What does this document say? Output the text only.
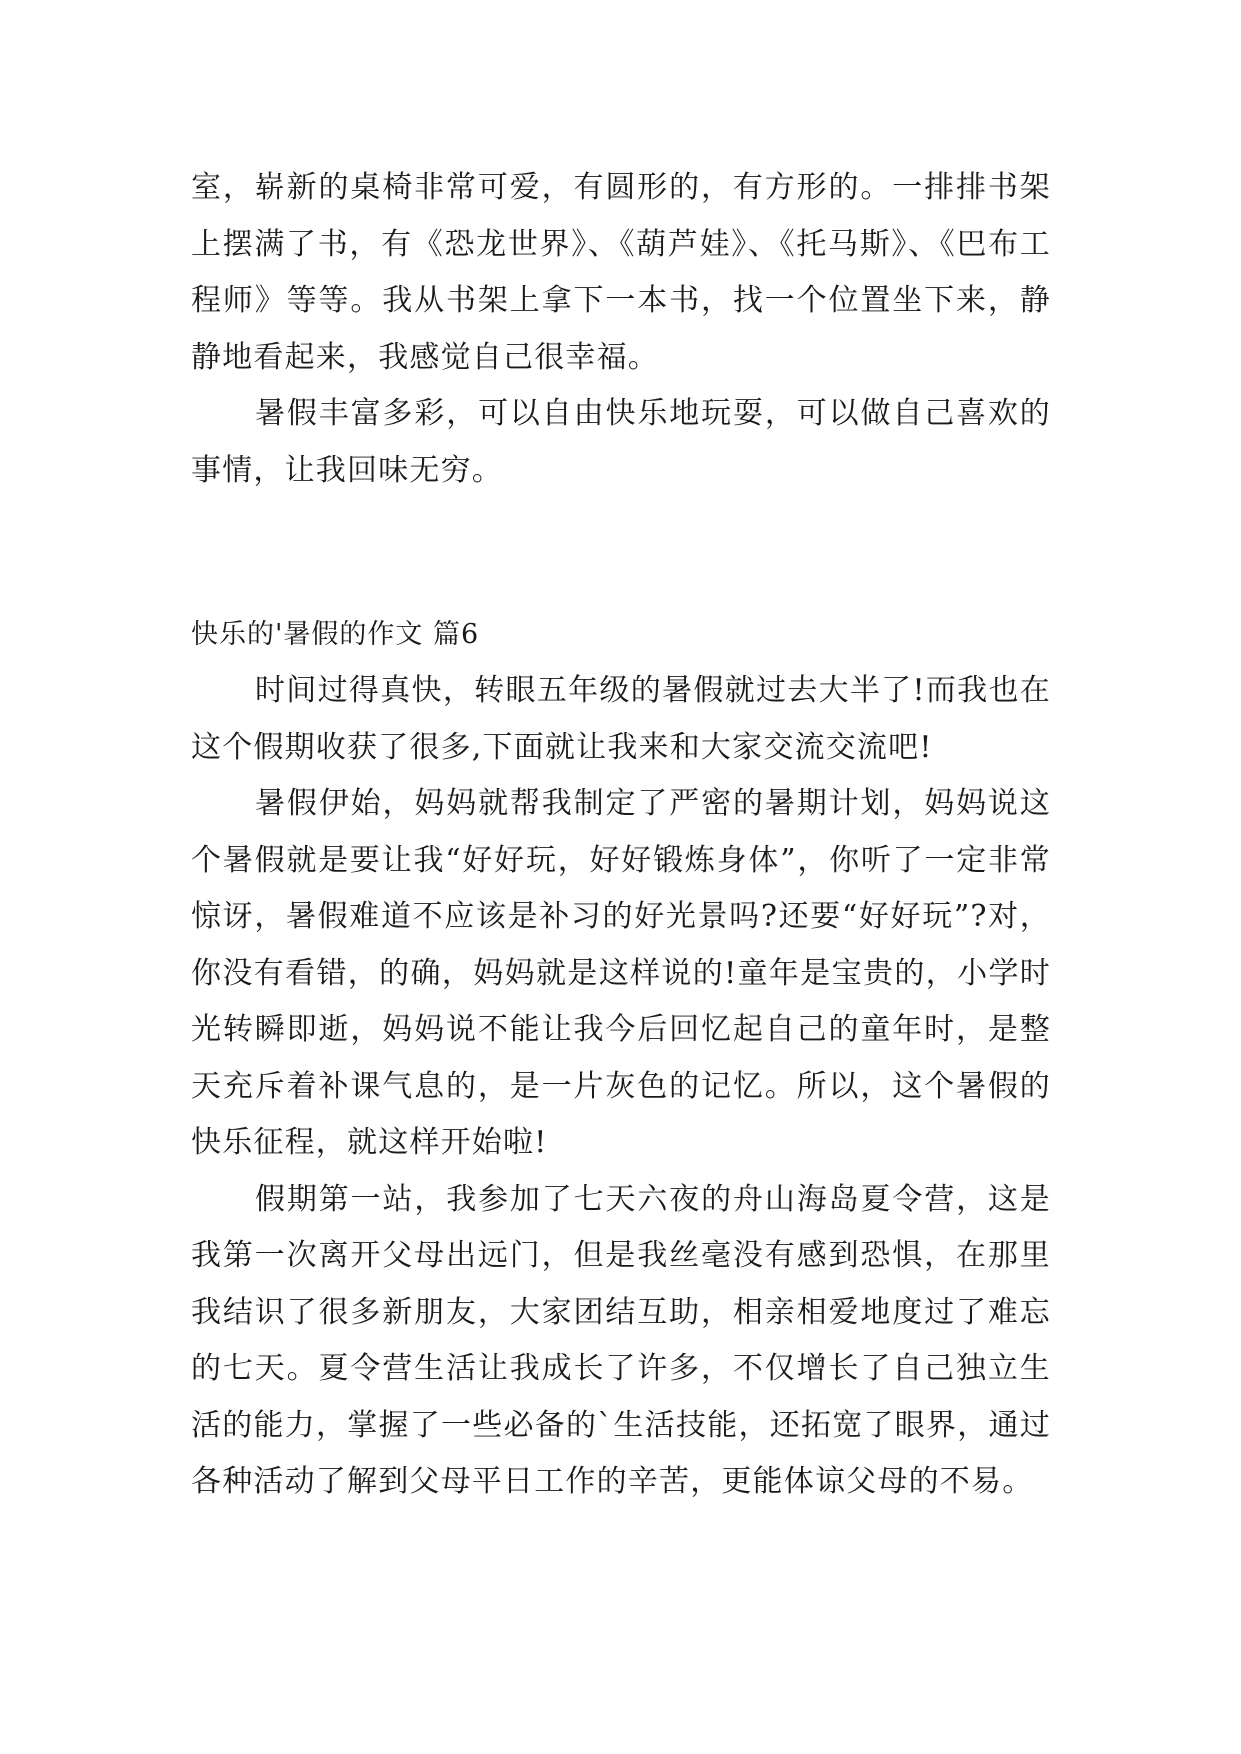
室，崭新的桌椅非常可爱，有圆形的，有方形的。一排排书架上摆满了书，有《恐龙世界》、《葫芦娃》、《托马斯》、《巴布工程师》等等。我从书架上拿下一本书，找一个位置坐下来，静静地看起来，我感觉自己很幸福。

暑假丰富多彩，可以自由快乐地玩耍，可以做自己喜欢的事情，让我回味无穷。

快乐的'暑假的作文 篇6

时间过得真快，转眼五年级的暑假就过去大半了!而我也在这个假期收获了很多,下面就让我来和大家交流交流吧!

暑假伊始，妈妈就帮我制定了严密的暑期计划，妈妈说这个暑假就是要让我“好好玩，好好锻炼身体”，你听了一定非常惊讶，暑假难道不应该是补习的好光景吗?还要“好好玩”?对，你没有看错，的确，妈妈就是这样说的!童年是宝贵的，小学时光转瞬即逝，妈妈说不能让我今后回忆起自己的童年时，是整天充斥着补课气息的，是一片灰色的记忆。所以，这个暑假的快乐征程，就这样开始啦!

假期第一站，我参加了七天六夜的舟山海岛夏令营，这是我第一次离开父母出远门，但是我丝毫没有感到恐惧，在那里我结识了很多新朋友，大家团结互助，相亲相爱地度过了难忘的七天。夏令营生活让我成长了许多，不仅增长了自己独立生活的能力，掌握了一些必备的`生活技能，还拓宽了眼界，通过各种活动了解到父母平日工作的辛苦，更能体谅父母的不易。
